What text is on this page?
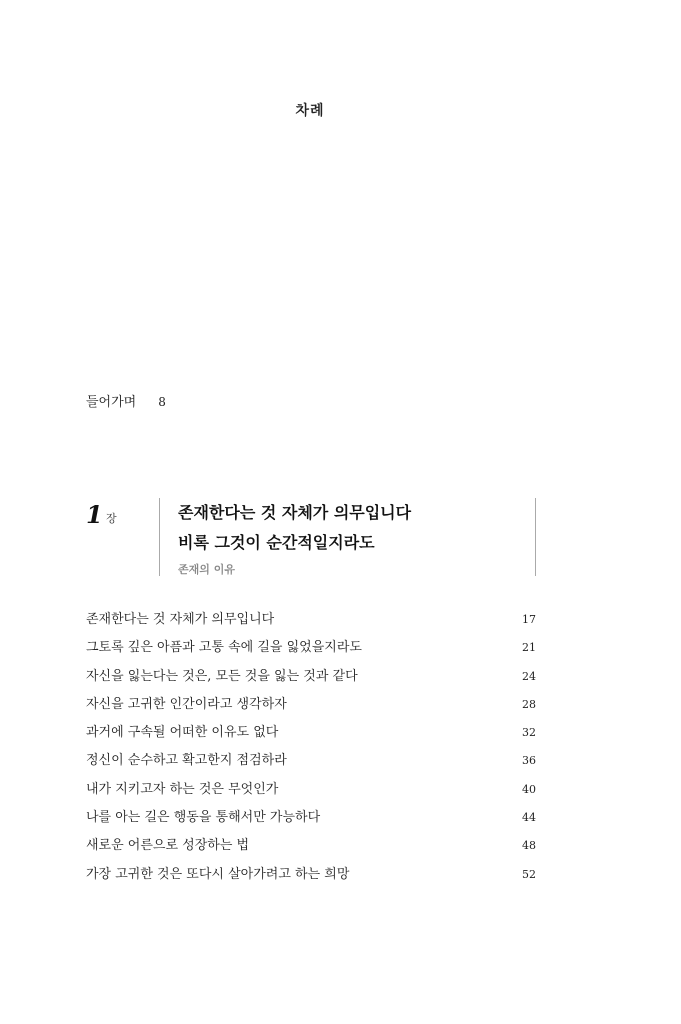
차례
들어가며 8
1 장	존재한다는 것 자체가 의무입니다
비록 그것이 순간적일지라도
존재의 이유
존재한다는 것 자체가 의무입니다	17
그토록 깊은 아픔과 고통 속에 길을 잃었을지라도	21
자신을 잃는다는 것은, 모든 것을 잃는 것과 같다	24
자신을 고귀한 인간이라고 생각하자	28
과거에 구속될 어떠한 이유도 없다	32
정신이 순수하고 확고한지 점검하라	36
내가 지키고자 하는 것은 무엇인가	40
나를 아는 길은 행동을 통해서만 가능하다	44
새로운 어른으로 성장하는 법	48
가장 고귀한 것은 또다시 살아가려고 하는 희망	52
